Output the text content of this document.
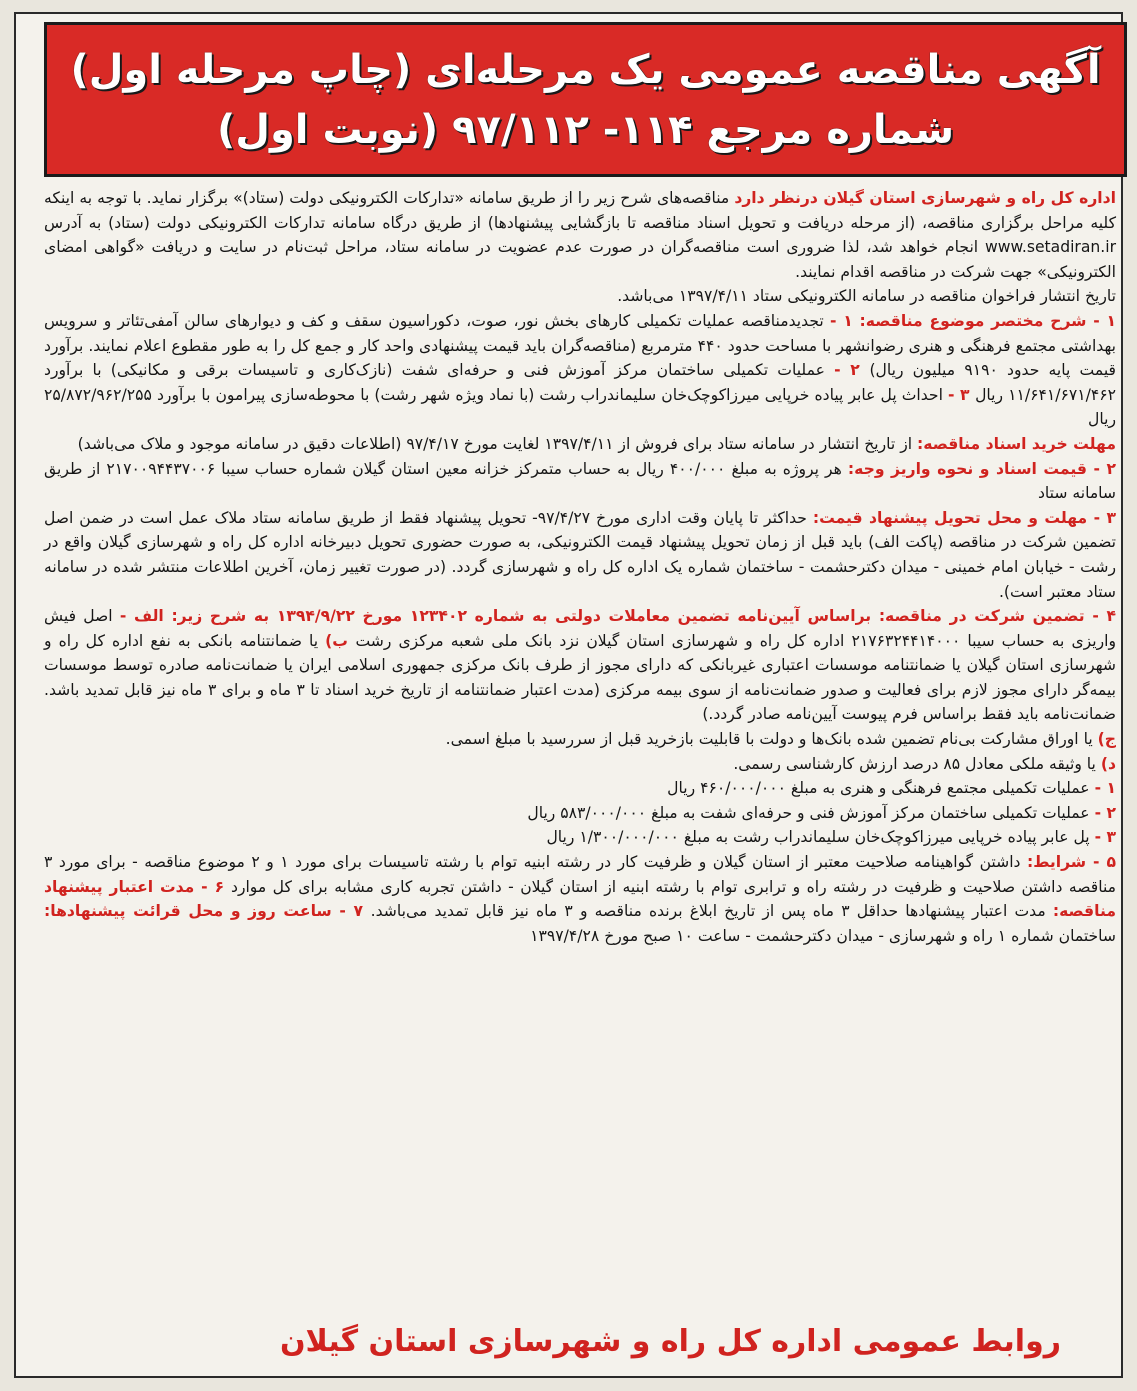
آگهی مناقصه عمومی یک مرحله‌ای (چاپ مرحله اول)
شماره مرجع ۱۱۴- ۹۷/۱۱۲ (نوبت اول)

اداره کل راه و شهرسازی استان گیلان درنظر دارد مناقصه‌های شرح زیر را از طریق سامانه «تدارکات الکترونیکی دولت (ستاد)» برگزار نماید. با توجه به اینکه کلیه مراحل برگزاری مناقصه، (از مرحله دریافت و تحویل اسناد مناقصه تا بازگشایی پیشنهادها) از طریق درگاه سامانه تدارکات الکترونیکی دولت (ستاد) به آدرس www.setadiran.ir انجام خواهد شد، لذا ضروری است مناقصه‌گران در صورت عدم عضویت در سامانه ستاد، مراحل ثبت‌نام در سایت و دریافت «گواهی امضای الکترونیکی» جهت شرکت در مناقصه اقدام نمایند.

تاریخ انتشار فراخوان مناقصه در سامانه الکترونیکی ستاد ۱۳۹۷/۴/۱۱ می‌باشد.

۱ - شرح مختصر موضوع مناقصه: ۱ - تجدیدمناقصه عملیات تکمیلی کارهای بخش نور، صوت، دکوراسیون سقف و کف و دیوارهای سالن آمفی‌تئاتر و سرویس بهداشتی مجتمع فرهنگی و هنری رضوانشهر با مساحت حدود ۴۴۰ مترمربع (مناقصه‌گران باید قیمت پیشنهادی واحد کار و جمع کل را به طور مقطوع اعلام نمایند. برآورد قیمت پایه حدود ۹۱۹۰ میلیون ریال) ۲ - عملیات تکمیلی ساختمان مرکز آموزش فنی و حرفه‌ای شفت (نازک‌کاری و تاسیسات برقی و مکانیکی) با برآورد ۱۱/۶۴۱/۶۷۱/۴۶۲ ریال ۳ - احداث پل عابر پیاده خرپایی میرزاکوچک‌خان سلیماندراب رشت (با نماد ویژه شهر رشت) با محوطه‌سازی پیرامون با برآورد ۲۵/۸۷۲/۹۶۲/۲۵۵ ریال

مهلت خرید اسناد مناقصه: از تاریخ انتشار در سامانه ستاد برای فروش از ۱۳۹۷/۴/۱۱ لغایت مورخ ۹۷/۴/۱۷ (اطلاعات دقیق در سامانه موجود و ملاک می‌باشد)

۲ - قیمت اسناد و نحوه واریز وجه: هر پروژه به مبلغ ۴۰۰/۰۰۰ ریال به حساب متمرکز خزانه معین استان گیلان شماره حساب سیبا ۲۱۷۰۰۹۴۴۳۷۰۰۶ از طریق سامانه ستاد

۳ - مهلت و محل تحویل پیشنهاد قیمت: حداکثر تا پایان وقت اداری مورخ ۹۷/۴/۲۷- تحویل پیشنهاد فقط از طریق سامانه ستاد ملاک عمل است در ضمن اصل تضمین شرکت در مناقصه (پاکت الف) باید قبل از زمان تحویل پیشنهاد قیمت الکترونیکی، به صورت حضوری تحویل دبیرخانه اداره کل راه و شهرسازی گیلان واقع در رشت - خیابان امام خمینی - میدان دکترحشمت - ساختمان شماره یک اداره کل راه و شهرسازی گردد. (در صورت تغییر زمان، آخرین اطلاعات منتشر شده در سامانه ستاد معتبر است).

۴ - تضمین شرکت در مناقصه: براساس آیین‌نامه تضمین معاملات دولتی به شماره ۱۲۳۴۰۲ مورخ ۱۳۹۴/۹/۲۲ به شرح زیر: الف - اصل فیش واریزی به حساب سیبا ۲۱۷۶۳۲۴۴۱۴۰۰۰ اداره کل راه و شهرسازی استان گیلان نزد بانک ملی شعبه مرکزی رشت ب) یا ضمانتنامه بانکی به نفع اداره کل راه و شهرسازی استان گیلان یا ضمانتنامه موسسات اعتباری غیربانکی که دارای مجوز از طرف بانک مرکزی جمهوری اسلامی ایران یا ضمانت‌نامه صادره توسط موسسات بیمه‌گر دارای مجوز لازم برای فعالیت و صدور ضمانت‌نامه از سوی بیمه مرکزی (مدت اعتبار ضمانتنامه از تاریخ خرید اسناد تا ۳ ماه و برای ۳ ماه نیز قابل تمدید باشد. ضمانت‌نامه باید فقط براساس فرم پیوست آیین‌نامه صادر گردد.)

ج) یا اوراق مشارکت بی‌نام تضمین شده بانک‌ها و دولت با قابلیت بازخرید قبل از سررسید با مبلغ اسمی.

د) یا وثیقه ملکی معادل ۸۵ درصد ارزش کارشناسی رسمی.

۱ - عملیات تکمیلی مجتمع فرهنگی و هنری به مبلغ ۴۶۰/۰۰۰/۰۰۰ ریال

۲ - عملیات تکمیلی ساختمان مرکز آموزش فنی و حرفه‌ای شفت به مبلغ ۵۸۳/۰۰۰/۰۰۰ ریال

۳ - پل عابر پیاده خرپایی میرزاکوچک‌خان سلیماندراب رشت به مبلغ ۱/۳۰۰/۰۰۰/۰۰۰ ریال

۵ - شرایط: داشتن گواهینامه صلاحیت معتبر از استان گیلان و ظرفیت کار در رشته ابنیه توام با رشته تاسیسات برای مورد ۱ و ۲ موضوع مناقصه - برای مورد ۳ مناقصه داشتن صلاحیت و ظرفیت در رشته راه و ترابری توام با رشته ابنیه از استان گیلان - داشتن تجربه کاری مشابه برای کل موارد ۶ - مدت اعتبار پیشنهاد مناقصه: مدت اعتبار پیشنهادها حداقل ۳ ماه پس از تاریخ ابلاغ برنده مناقصه و ۳ ماه نیز قابل تمدید می‌باشد. ۷ - ساعت روز و محل قرائت پیشنهادها: ساختمان شماره ۱ راه و شهرسازی - میدان دکترحشمت - ساعت ۱۰ صبح مورخ ۱۳۹۷/۴/۲۸

روابط عمومی اداره کل راه و شهرسازی استان گیلان
